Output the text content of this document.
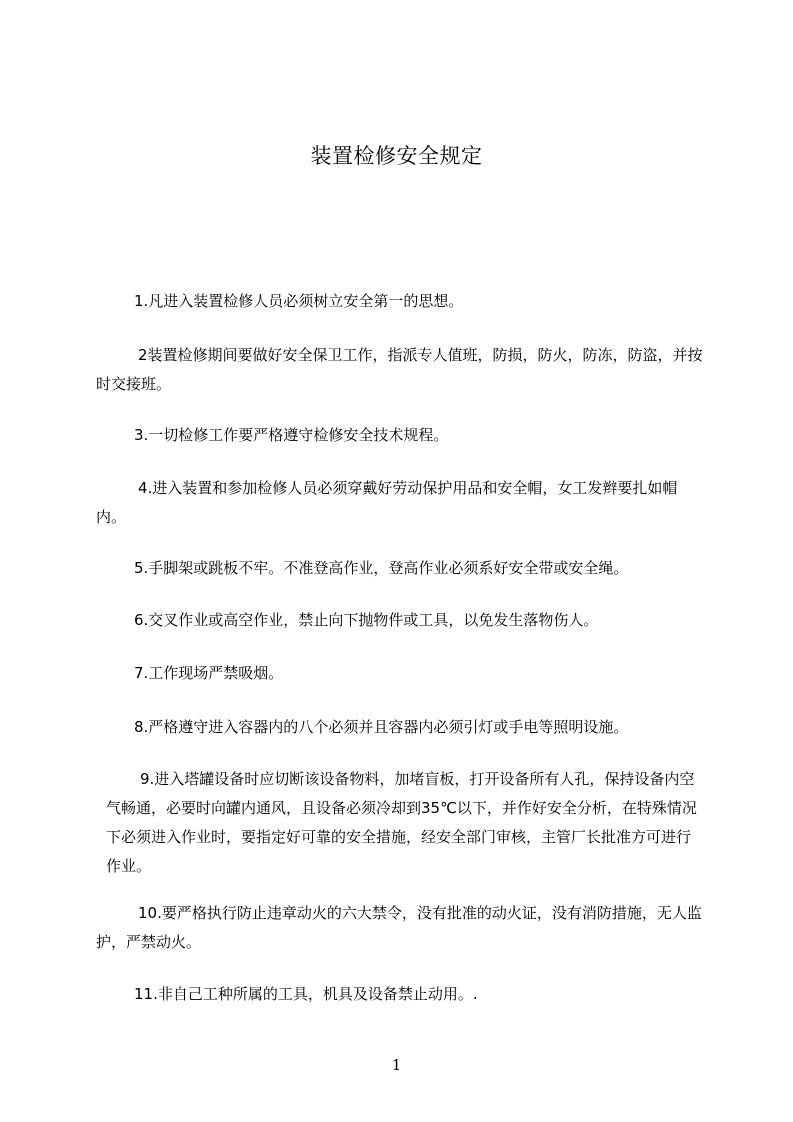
装置检修安全规定
1.凡进入装置检修人员必须树立安全第一的思想。
2装置检修期间要做好安全保卫工作，指派专人值班，防损，防火，防冻，防盗，并按时交接班。
3.一切检修工作要严格遵守检修安全技术规程。
4.进入装置和参加检修人员必须穿戴好劳动保护用品和安全帽，女工发辫要扎如帽内。
5.手脚架或跳板不牢。不准登高作业，登高作业必须系好安全带或安全绳。
6.交叉作业或高空作业，禁止向下抛物件或工具，以免发生落物伤人。
7.工作现场严禁吸烟。
8.严格遵守进入容器内的八个必须并且容器内必须引灯或手电等照明设施。
9.进入塔罐设备时应切断该设备物料，加堵盲板，打开设备所有人孔，保持设备内空气畅通，必要时向罐内通风，且设备必须冷却到35℃以下，并作好安全分析，在特殊情况下必须进入作业时，要指定好可靠的安全措施，经安全部门审核，主管厂长批准方可进行作业。
10.要严格执行防止违章动火的六大禁令，没有批准的动火证，没有消防措施，无人监护，严禁动火。
11.非自己工种所属的工具，机具及设备禁止动用。.
1
